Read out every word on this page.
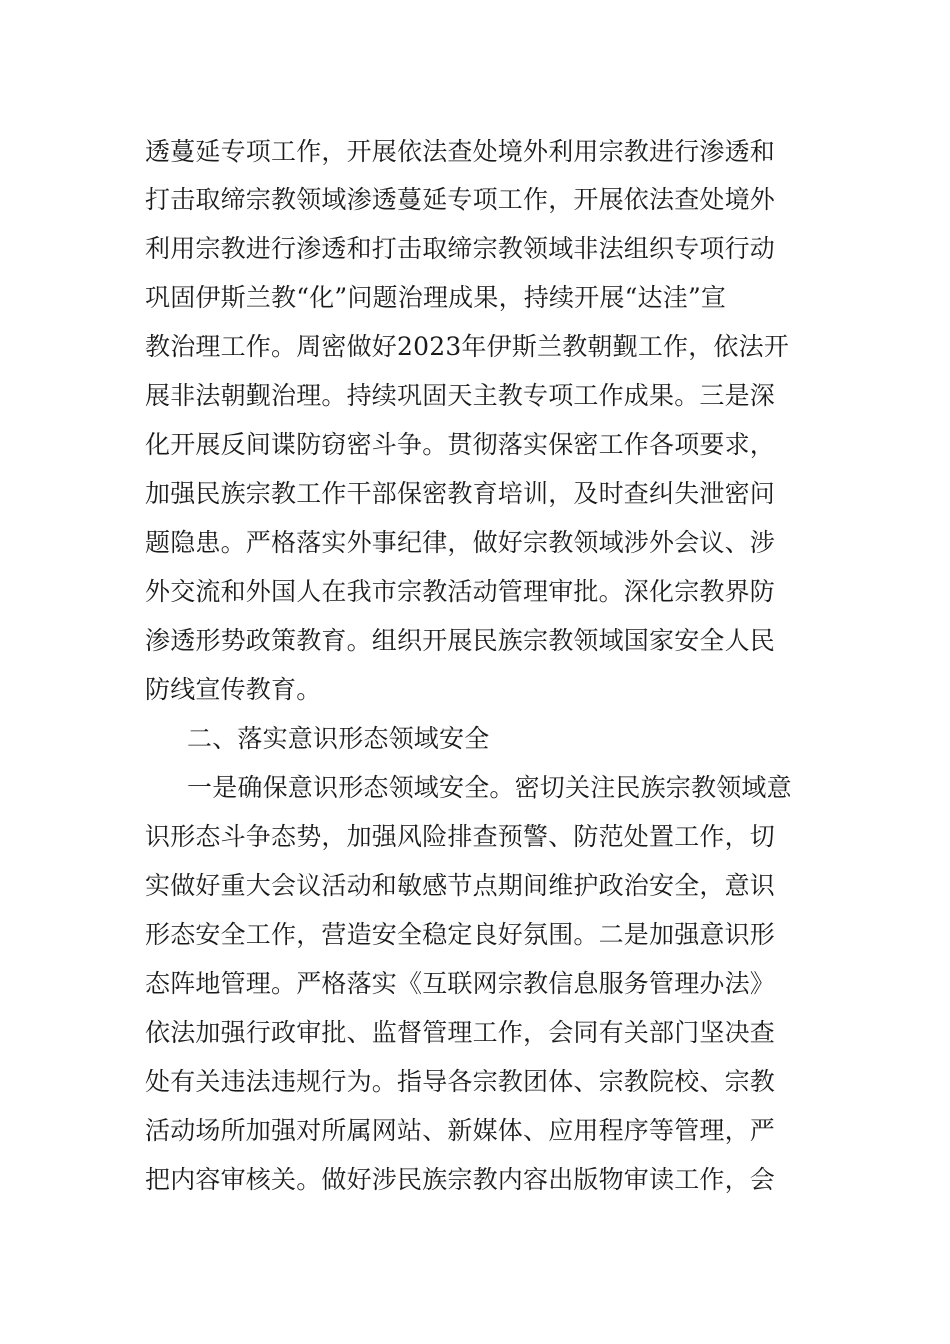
透蔓延专项工作，开展依法查处境外利用宗教进行渗透和
打击取缔宗教领域渗透蔓延专项工作，开展依法查处境外
利用宗教进行渗透和打击取缔宗教领域非法组织专项行动
巩固伊斯兰教“化”问题治理成果，持续开展“达洼”宣
教治理工作。周密做好2023年伊斯兰教朝觐工作，依法开
展非法朝觐治理。持续巩固天主教专项工作成果。三是深
化开展反间谍防窃密斗争。贯彻落实保密工作各项要求，
加强民族宗教工作干部保密教育培训，及时查纠失泄密问
题隐患。严格落实外事纪律，做好宗教领域涉外会议、涉
外交流和外国人在我市宗教活动管理审批。深化宗教界防
渗透形势政策教育。组织开展民族宗教领域国家安全人民
防线宣传教育。
二、落实意识形态领域安全
一是确保意识形态领域安全。密切关注民族宗教领域意
识形态斗争态势，加强风险排查预警、防范处置工作，切
实做好重大会议活动和敏感节点期间维护政治安全，意识
形态安全工作，营造安全稳定良好氛围。二是加强意识形
态阵地管理。严格落实《互联网宗教信息服务管理办法》
依法加强行政审批、监督管理工作，会同有关部门坚决查
处有关违法违规行为。指导各宗教团体、宗教院校、宗教
活动场所加强对所属网站、新媒体、应用程序等管理，严
把内容审核关。做好涉民族宗教内容出版物审读工作，会
